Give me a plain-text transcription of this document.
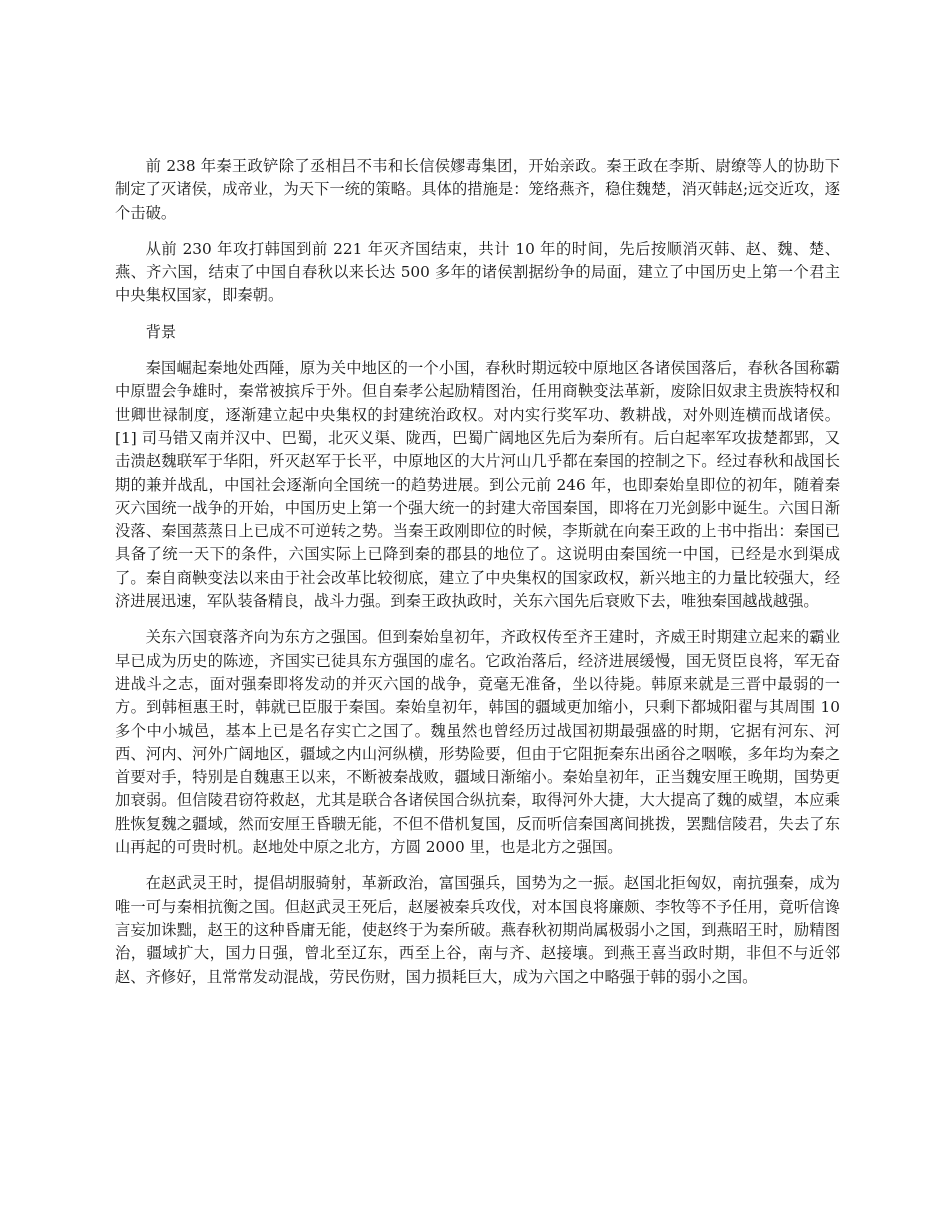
前 238 年秦王政铲除了丞相吕不韦和长信侯嫪毒集团，开始亲政。秦王政在李斯、尉缭等人的协助下制定了灭诸侯，成帝业，为天下一统的策略。具体的措施是：笼络燕齐，稳住魏楚，消灭韩赵;远交近攻，逐个击破。

从前 230 年攻打韩国到前 221 年灭齐国结束，共计 10 年的时间，先后按顺消灭韩、赵、魏、楚、燕、齐六国，结束了中国自春秋以来长达 500 多年的诸侯割据纷争的局面，建立了中国历史上第一个君主中央集权国家，即秦朝。

背景

秦国崛起秦地处西陲，原为关中地区的一个小国，春秋时期远较中原地区各诸侯国落后，春秋各国称霸中原盟会争雄时，秦常被摈斥于外。但自秦孝公起励精图治，任用商鞅变法革新，废除旧奴隶主贵族特权和世卿世禄制度，逐渐建立起中央集权的封建统治政权。对内实行奖军功、教耕战，对外则连横而战诸侯。[1] 司马错又南并汉中、巴蜀，北灭义渠、陇西，巴蜀广阔地区先后为秦所有。后白起率军攻拔楚都郢，又击溃赵魏联军于华阳，歼灭赵军于长平，中原地区的大片河山几乎都在秦国的控制之下。经过春秋和战国长期的兼并战乱，中国社会逐渐向全国统一的趋势进展。到公元前 246 年，也即秦始皇即位的初年，随着秦灭六国统一战争的开始，中国历史上第一个强大统一的封建大帝国秦国，即将在刀光剑影中诞生。六国日渐没落、秦国蒸蒸日上已成不可逆转之势。当秦王政刚即位的时候，李斯就在向秦王政的上书中指出：秦国已具备了统一天下的条件，六国实际上已降到秦的郡县的地位了。这说明由秦国统一中国，已经是水到渠成了。秦自商鞅变法以来由于社会改革比较彻底，建立了中央集权的国家政权，新兴地主的力量比较强大，经济进展迅速，军队装备精良，战斗力强。到秦王政执政时，关东六国先后衰败下去，唯独秦国越战越强。

关东六国衰落齐向为东方之强国。但到秦始皇初年，齐政权传至齐王建时，齐威王时期建立起来的霸业早已成为历史的陈迹，齐国实已徒具东方强国的虚名。它政治落后，经济进展缓慢，国无贤臣良将，军无奋进战斗之志，面对强秦即将发动的并灭六国的战争，竟毫无准备，坐以待毙。韩原来就是三晋中最弱的一方。到韩桓惠王时，韩就已臣服于秦国。秦始皇初年，韩国的疆域更加缩小，只剩下都城阳翟与其周围 10 多个中小城邑，基本上已是名存实亡之国了。魏虽然也曾经历过战国初期最强盛的时期，它据有河东、河西、河内、河外广阔地区，疆域之内山河纵横，形势险要，但由于它阻扼秦东出函谷之咽喉，多年均为秦之首要对手，特别是自魏惠王以来，不断被秦战败，疆域日渐缩小。秦始皇初年，正当魏安厘王晚期，国势更加衰弱。但信陵君窃符救赵，尤其是联合各诸侯国合纵抗秦，取得河外大捷，大大提高了魏的威望，本应乘胜恢复魏之疆域，然而安厘王昏聩无能，不但不借机复国，反而听信秦国离间挑拨，罢黜信陵君，失去了东山再起的可贵时机。赵地处中原之北方，方圆 2000 里，也是北方之强国。

在赵武灵王时，提倡胡服骑射，革新政治，富国强兵，国势为之一振。赵国北拒匈奴，南抗强秦，成为唯一可与秦相抗衡之国。但赵武灵王死后，赵屡被秦兵攻伐，对本国良将廉颇、李牧等不予任用，竟听信谗言妄加诛黜，赵王的这种昏庸无能，使赵终于为秦所破。燕春秋初期尚属极弱小之国，到燕昭王时，励精图治，疆域扩大，国力日强，曾北至辽东，西至上谷，南与齐、赵接壤。到燕王喜当政时期，非但不与近邻赵、齐修好，且常常发动混战，劳民伤财，国力损耗巨大，成为六国之中略强于韩的弱小之国。
